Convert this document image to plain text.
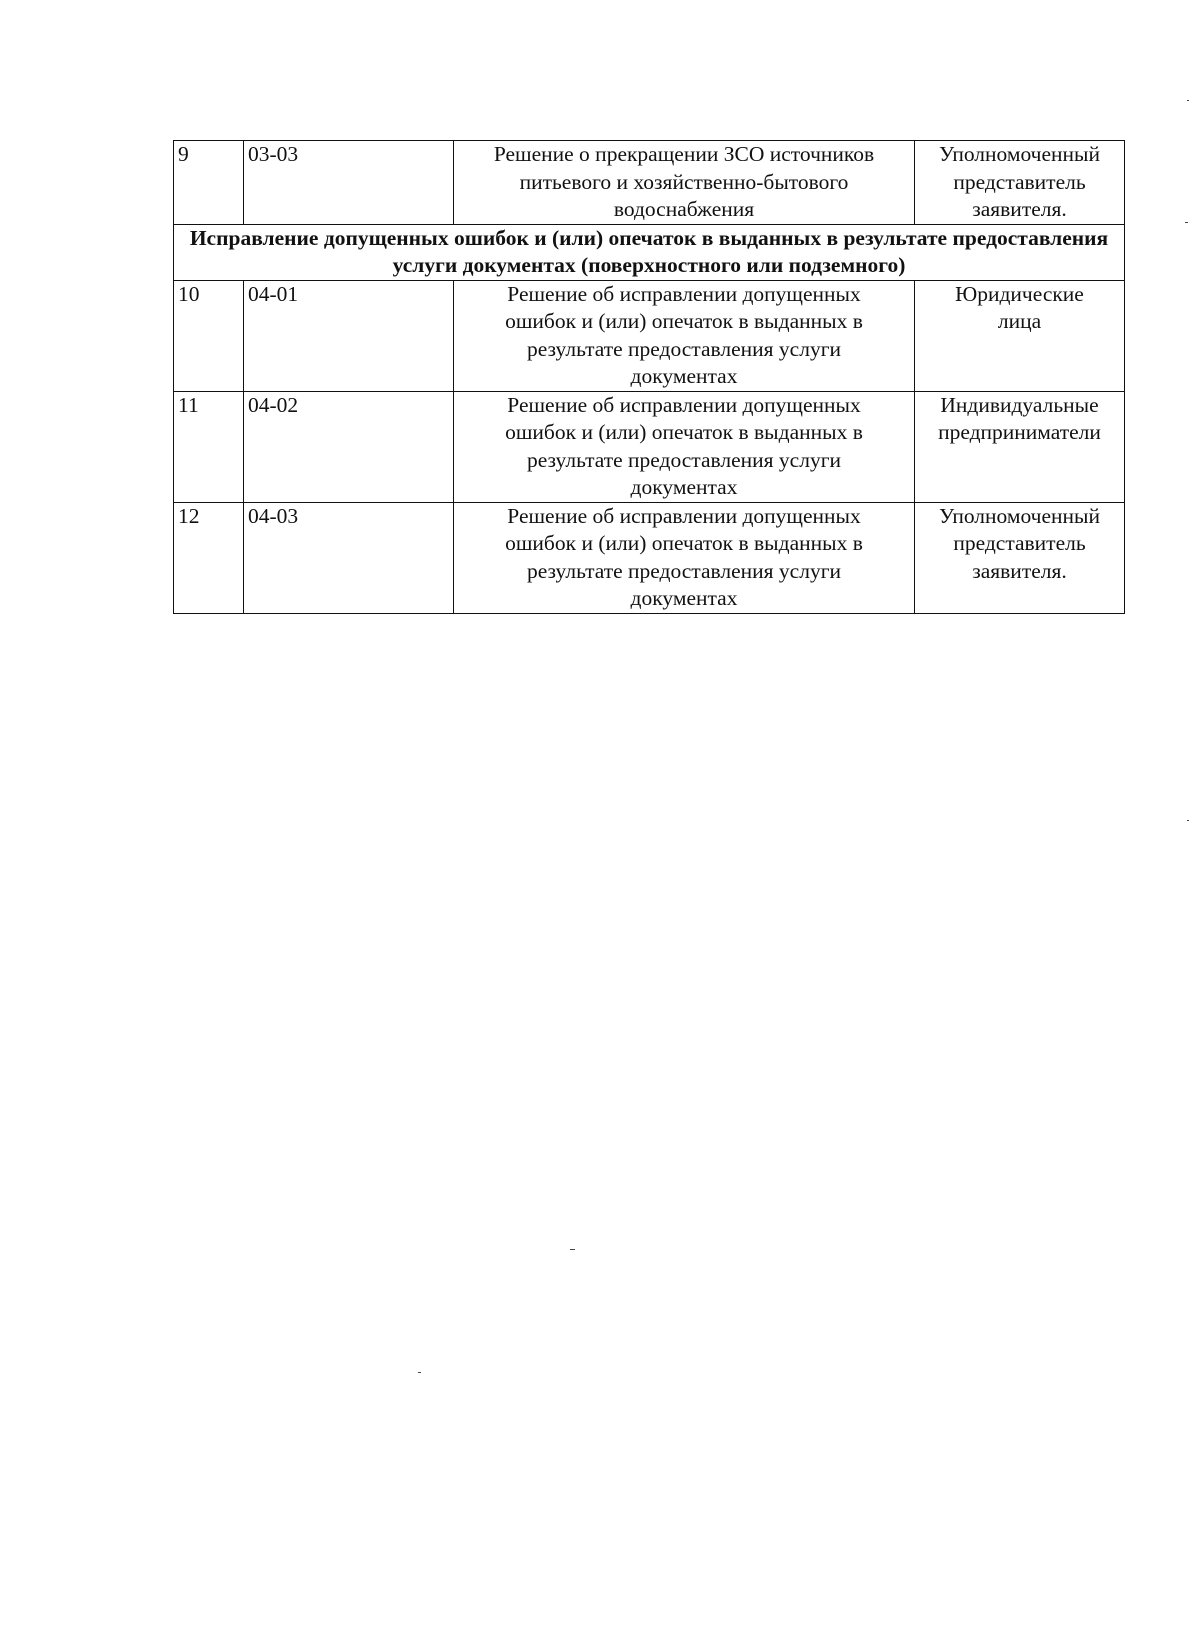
9	03-03	Решение о прекращении ЗСО источников питьевого и хозяйственно-бытового водоснабжения	Уполномоченный представитель заявителя.
Исправление допущенных ошибок и (или) опечаток в выданных в результате предоставления услуги документах (поверхностного или подземного)			
10	04-01	Решение об исправлении допущенных ошибок и (или) опечаток в выданных в результате предоставления услуги документах	Юридические лица
11	04-02	Решение об исправлении допущенных ошибок и (или) опечаток в выданных в результате предоставления услуги документах	Индивидуальные предприниматели
12	04-03	Решение об исправлении допущенных ошибок и (или) опечаток в выданных в результате предоставления услуги документах	Уполномоченный представитель заявителя.
